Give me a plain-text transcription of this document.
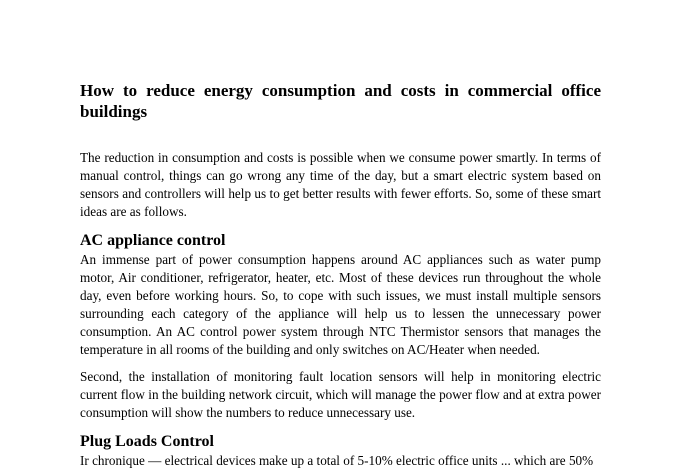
How to reduce energy consumption and costs in commercial office buildings

The reduction in consumption and costs is possible when we consume power smartly. In terms of manual control, things can go wrong any time of the day, but a smart electric system based on sensors and controllers will help us to get better results with fewer efforts. So, some of these smart ideas are as follows.

AC appliance control

An immense part of power consumption happens around AC appliances such as water pump motor, Air conditioner, refrigerator, heater, etc. Most of these devices run throughout the whole day, even before working hours. So, to cope with such issues, we must install multiple sensors surrounding each category of the appliance will help us to lessen the unnecessary power consumption. An AC control power system through NTC Thermistor sensors that manages the temperature in all rooms of the building and only switches on AC/Heater when needed.

Second, the installation of monitoring fault location sensors will help in monitoring electric current flow in the building network circuit, which will manage the power flow and at extra power consumption will show the numbers to reduce unnecessary use.

Plug Loads Control

Ir chronique — electrical devices make up a total of 5-10% electric office units ... which are 50%
